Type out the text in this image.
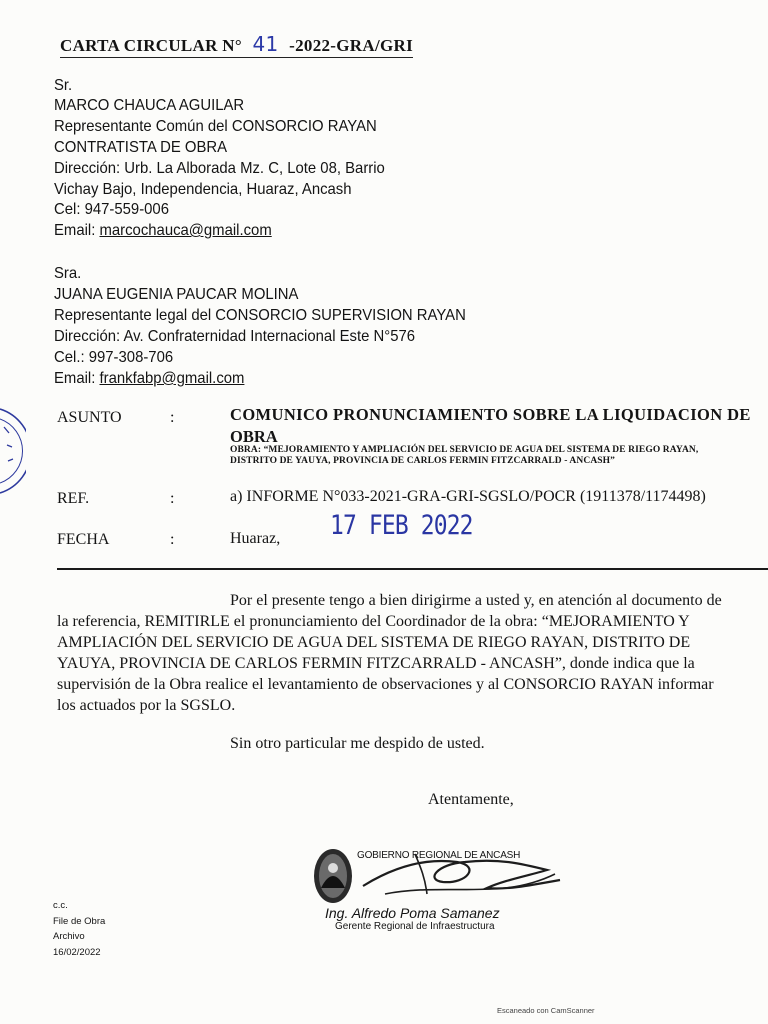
CARTA CIRCULAR N° 41 -2022-GRA/GRI
Sr.
MARCO CHAUCA AGUILAR
Representante Común del CONSORCIO RAYAN
CONTRATISTA DE OBRA
Dirección: Urb. La Alborada Mz. C, Lote 08, Barrio
Vichay Bajo, Independencia, Huaraz, Ancash
Cel: 947-559-006
Email: marcochauca@gmail.com
Sra.
JUANA EUGENIA PAUCAR MOLINA
Representante legal del CONSORCIO SUPERVISION RAYAN
Dirección: Av. Confraternidad Internacional Este N°576
Cel.: 997-308-706
Email: frankfabp@gmail.com
ASUNTO	:	COMUNICO PRONUNCIAMIENTO SOBRE LA LIQUIDACION DE
OBRA
OBRA: “MEJORAMIENTO Y AMPLIACIÓN DEL SERVICIO DE AGUA DEL SISTEMA DE RIEGO RAYAN,
DISTRITO DE YAUYA, PROVINCIA DE CARLOS FERMIN FITZCARRALD - ANCASH”
REF.	:	a) INFORME N°033-2021-GRA-GRI-SGSLO/POCR (1911378/1174498)
FECHA	:	Huaraz, 17 FEB 2022
Por el presente tengo a bien dirigirme a usted y, en atención al documento de
la referencia, REMITIRLE el pronunciamiento del Coordinador de la obra: “MEJORAMIENTO Y
AMPLIACIÓN DEL SERVICIO DE AGUA DEL SISTEMA DE RIEGO RAYAN, DISTRITO DE
YAUYA, PROVINCIA DE CARLOS FERMIN FITZCARRALD - ANCASH”, donde indica que la
supervisión de la Obra realice el levantamiento de observaciones y al CONSORCIO RAYAN informar
los actuados por la SGSLO.
Sin otro particular me despido de usted.
Atentamente,
GOBIERNO REGIONAL DE ANCASH
Ing. Alfredo Poma Samanez
Gerente Regional de Infraestructura
c.c.
File de Obra
Archivo
16/02/2022
Escaneado con CamScanner
